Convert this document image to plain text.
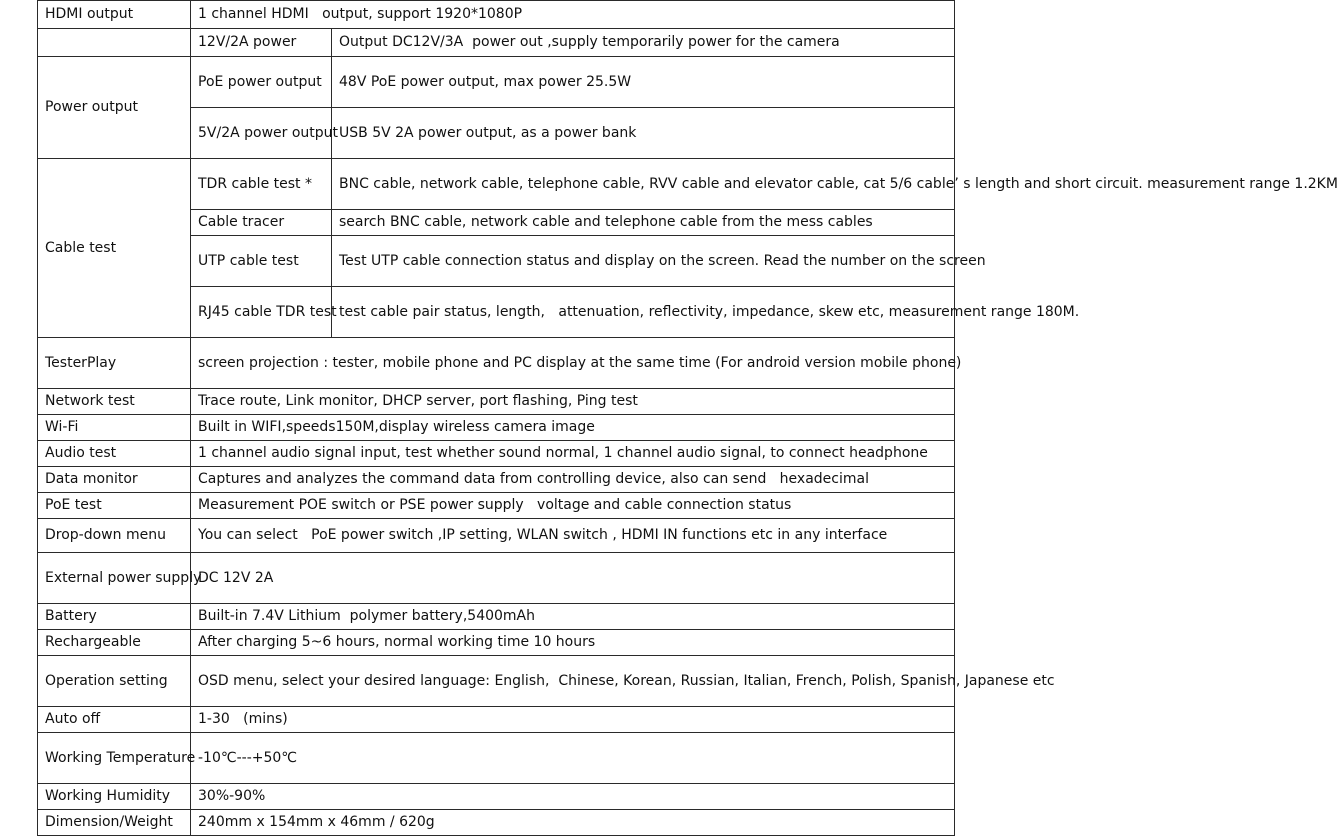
HDMI output	1 channel HDMI   output, support 1920*1080P	
	12V/2A power	Output DC12V/3A  power out ,supply temporarily power for the camera
Power output	PoE power output	48V PoE power output, max power 25.5W
	5V/2A power output	USB 5V 2A power output, as a power bank
Cable test	TDR cable test *	BNC cable, network cable, telephone cable, RVV cable and elevator cable, cat 5/6 cable’ s length and short circuit. measurement range 1.2KM
	Cable tracer	search BNC cable, network cable and telephone cable from the mess cables
	UTP cable test	Test UTP cable connection status and display on the screen. Read the number on the screen
	RJ45 cable TDR test	test cable pair status, length,   attenuation, reflectivity, impedance, skew etc, measurement range 180M.
TesterPlay	screen projection : tester, mobile phone and PC display at the same time (For android version mobile phone)	
Network test	Trace route, Link monitor, DHCP server, port flashing, Ping test	
Wi-Fi	Built in WIFI,speeds150M,display wireless camera image	
Audio test	1 channel audio signal input, test whether sound normal, 1 channel audio signal, to connect headphone	
Data monitor	Captures and analyzes the command data from controlling device, also can send   hexadecimal	
PoE test	Measurement POE switch or PSE power supply   voltage and cable connection status	
Drop-down menu	You can select   PoE power switch ,IP setting, WLAN switch , HDMI IN functions etc in any interface	
External power supply	DC 12V 2A	
Battery	Built-in 7.4V Lithium  polymer battery,5400mAh	
Rechargeable	After charging 5~6 hours, normal working time 10 hours	
Operation setting	OSD menu, select your desired language: English,  Chinese, Korean, Russian, Italian, French, Polish, Spanish, Japanese etc	
Auto off	1-30   (mins)	
Working Temperature	-10℃---+50℃	
Working Humidity	30%-90%	
Dimension/Weight	240mm x 154mm x 46mm / 620g	
